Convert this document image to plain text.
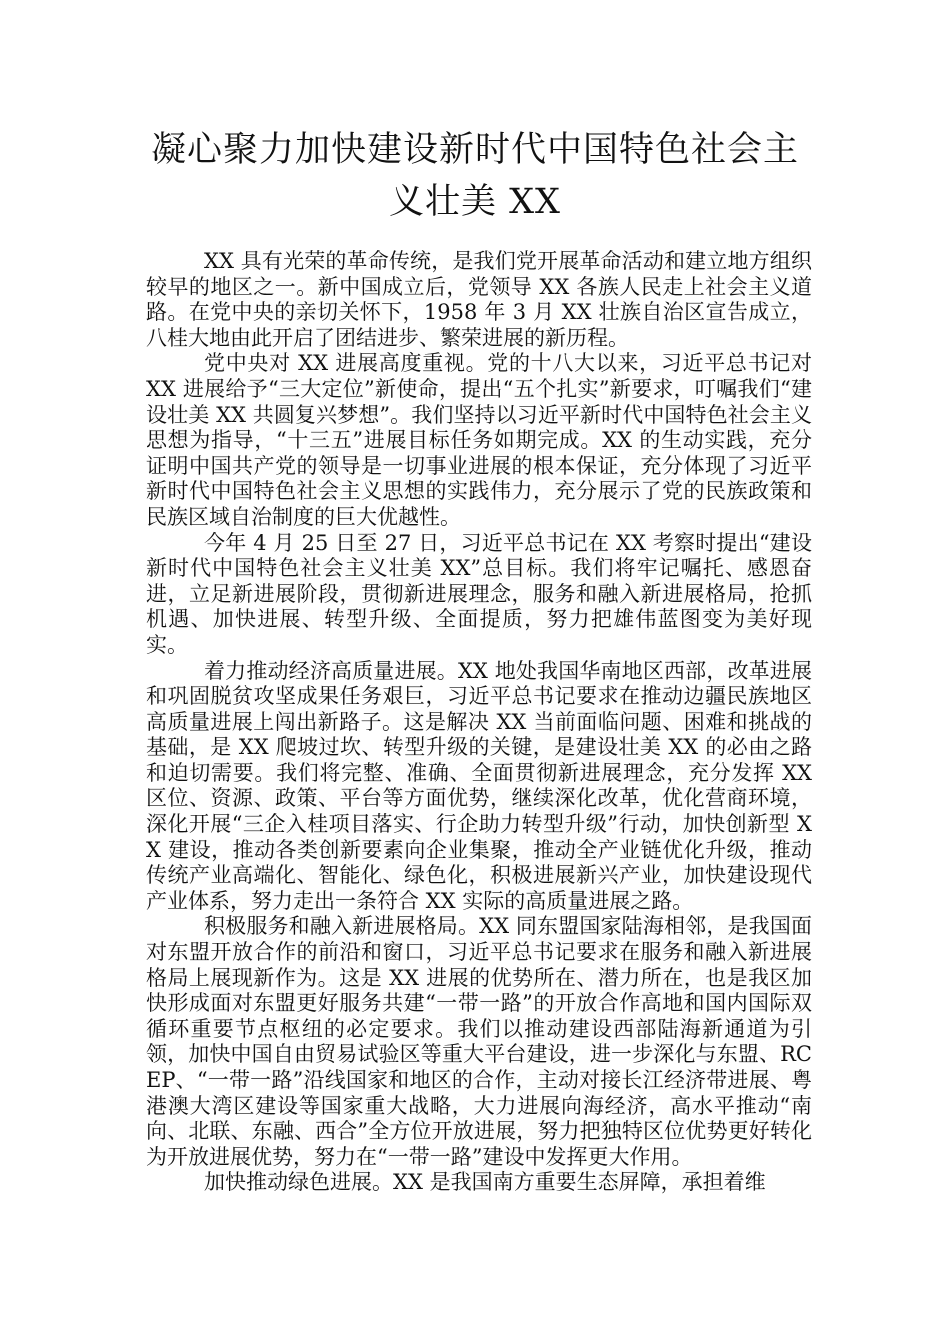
凝心聚力加快建设新时代中国特色社会主
义壮美 XX

XX 具有光荣的革命传统，是我们党开展革命活动和建立地方组织较早的地区之一。新中国成立后，党领导 XX 各族人民走上社会主义道路。在党中央的亲切关怀下，1958 年 3 月 XX 壮族自治区宣告成立，八桂大地由此开启了团结进步、繁荣进展的新历程。

党中央对 XX 进展高度重视。党的十八大以来，习近平总书记对 XX 进展给予“三大定位”新使命，提出“五个扎实”新要求，叮嘱我们“建设壮美 XX 共圆复兴梦想”。我们坚持以习近平新时代中国特色社会主义思想为指导，“十三五”进展目标任务如期完成。XX 的生动实践，充分证明中国共产党的领导是一切事业进展的根本保证，充分体现了习近平新时代中国特色社会主义思想的实践伟力，充分展示了党的民族政策和民族区域自治制度的巨大优越性。

今年 4 月 25 日至 27 日，习近平总书记在 XX 考察时提出“建设新时代中国特色社会主义壮美 XX”总目标。我们将牢记嘱托、感恩奋进，立足新进展阶段，贯彻新进展理念，服务和融入新进展格局，抢抓机遇、加快进展、转型升级、全面提质，努力把雄伟蓝图变为美好现实。

着力推动经济高质量进展。XX 地处我国华南地区西部，改革进展和巩固脱贫攻坚成果任务艰巨，习近平总书记要求在推动边疆民族地区高质量进展上闯出新路子。这是解决 XX 当前面临问题、困难和挑战的基础，是 XX 爬坡过坎、转型升级的关键，是建设壮美 XX 的必由之路和迫切需要。我们将完整、准确、全面贯彻新进展理念，充分发挥 XX 区位、资源、政策、平台等方面优势，继续深化改革，优化营商环境，深化开展“三企入桂项目落实、行企助力转型升级”行动，加快创新型 XX 建设，推动各类创新要素向企业集聚，推动全产业链优化升级，推动传统产业高端化、智能化、绿色化，积极进展新兴产业，加快建设现代产业体系，努力走出一条符合 XX 实际的高质量进展之路。

积极服务和融入新进展格局。XX 同东盟国家陆海相邻，是我国面对东盟开放合作的前沿和窗口，习近平总书记要求在服务和融入新进展格局上展现新作为。这是 XX 进展的优势所在、潜力所在，也是我区加快形成面对东盟更好服务共建“一带一路”的开放合作高地和国内国际双循环重要节点枢纽的必定要求。我们以推动建设西部陆海新通道为引领，加快中国自由贸易试验区等重大平台建设，进一步深化与东盟、RCEP、“一带一路”沿线国家和地区的合作，主动对接长江经济带进展、粤港澳大湾区建设等国家重大战略，大力进展向海经济，高水平推动“南向、北联、东融、西合”全方位开放进展，努力把独特区位优势更好转化为开放进展优势，努力在“一带一路”建设中发挥更大作用。

加快推动绿色进展。XX 是我国南方重要生态屏障，承担着维
